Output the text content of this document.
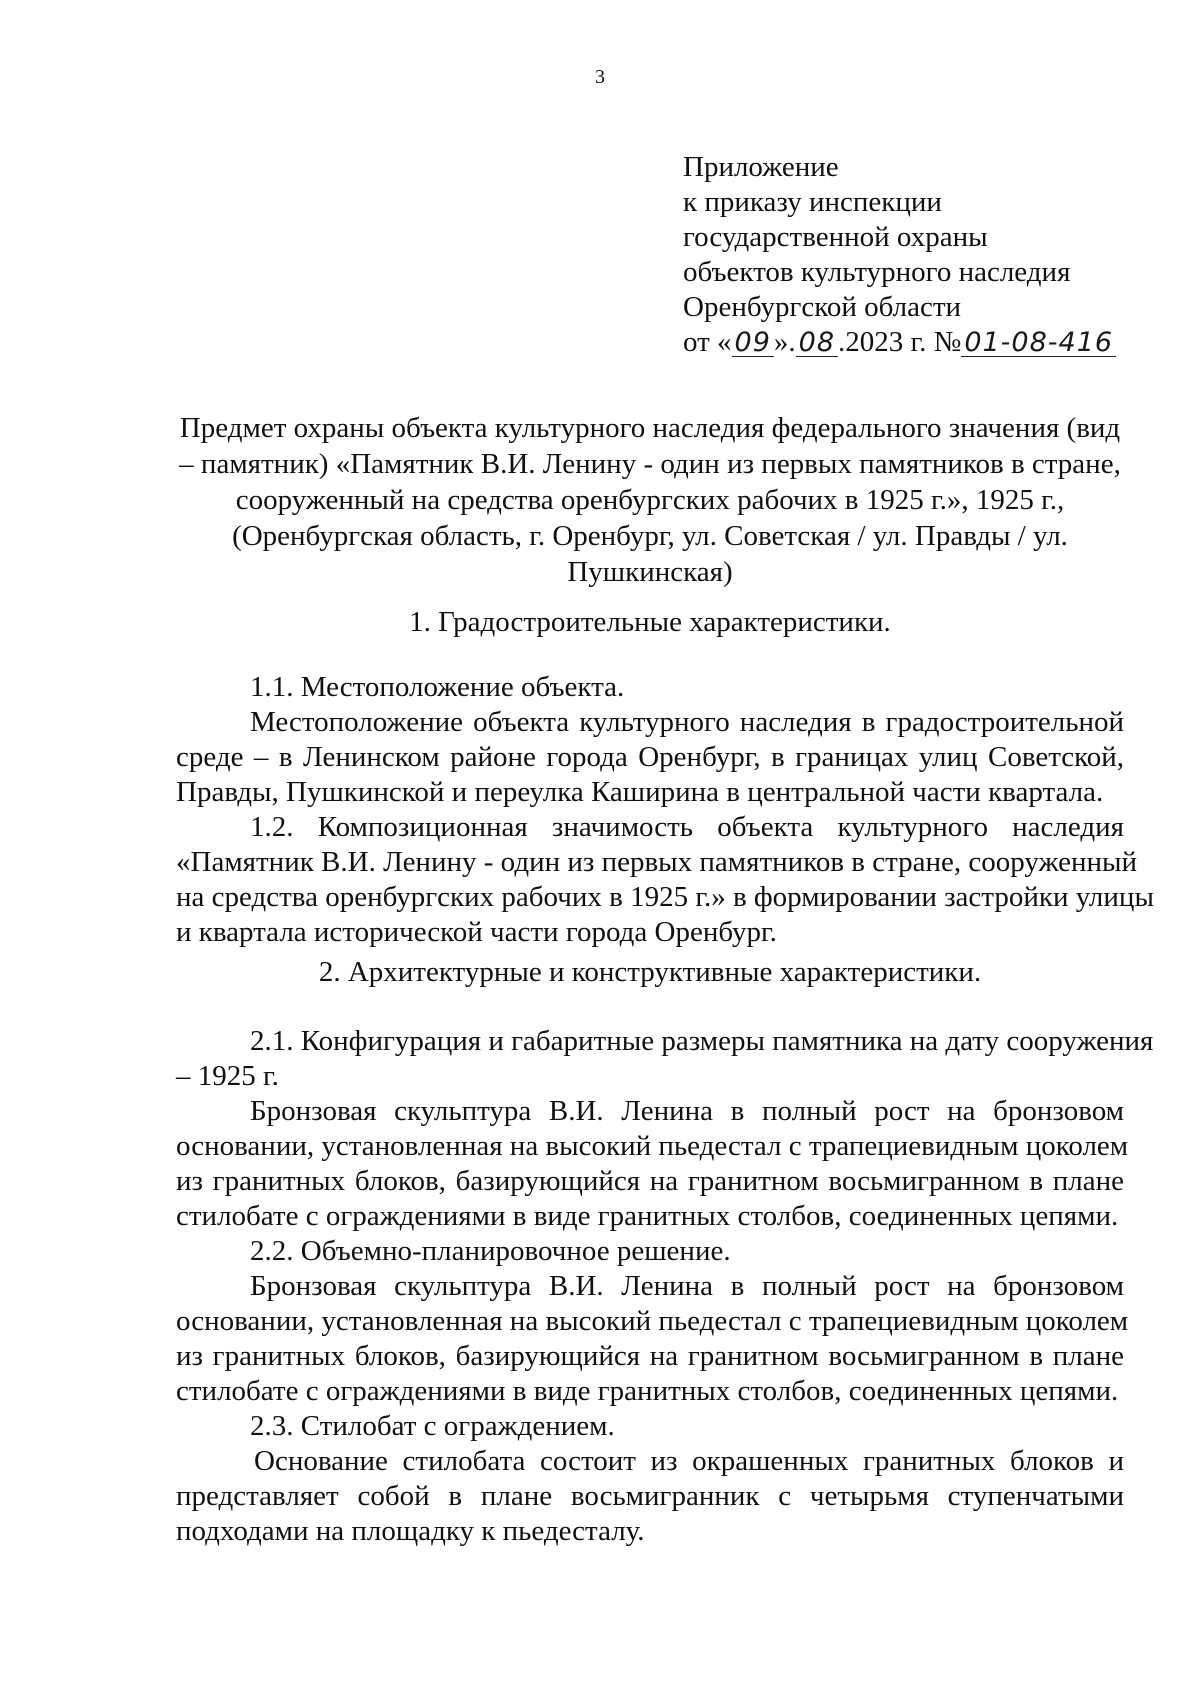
3
Приложение
к приказу инспекции
государственной охраны
объектов культурного наследия
Оренбургской области
от « 09 ». 08 .2023 г. № 01-08-416
Предмет охраны объекта культурного наследия федерального значения (вид
– памятник) «Памятник В.И. Ленину - один из первых памятников в стране,
сооруженный на средства оренбургских рабочих в 1925 г.», 1925 г.,
(Оренбургская область, г. Оренбург, ул. Советская / ул. Правды / ул.
Пушкинская)
1. Градостроительные характеристики.
1.1. Местоположение объекта.
Местоположение объекта культурного наследия в градостроительной
среде – в Ленинском районе города Оренбург, в границах улиц Советской,
Правды, Пушкинской и переулка Каширина в центральной части квартала.
1.2. Композиционная значимость объекта культурного наследия
«Памятник В.И. Ленину - один из первых памятников в стране, сооруженный
на средства оренбургских рабочих в 1925 г.» в формировании застройки улицы
и квартала исторической части города Оренбург.
2. Архитектурные и конструктивные характеристики.
2.1. Конфигурация и габаритные размеры памятника на дату сооружения
– 1925 г.
Бронзовая скульптура В.И. Ленина в полный рост на бронзовом
основании, установленная на высокий пьедестал с трапециевидным цоколем
из гранитных блоков, базирующийся на гранитном восьмигранном в плане
стилобате с ограждениями в виде гранитных столбов, соединенных цепями.
2.2. Объемно-планировочное решение.
Бронзовая скульптура В.И. Ленина в полный рост на бронзовом
основании, установленная на высокий пьедестал с трапециевидным цоколем
из гранитных блоков, базирующийся на гранитном восьмигранном в плане
стилобате с ограждениями в виде гранитных столбов, соединенных цепями.
2.3. Стилобат с ограждением.
Основание стилобата состоит из окрашенных гранитных блоков и
представляет собой в плане восьмигранник с четырьмя ступенчатыми
подходами на площадку к пьедесталу.
